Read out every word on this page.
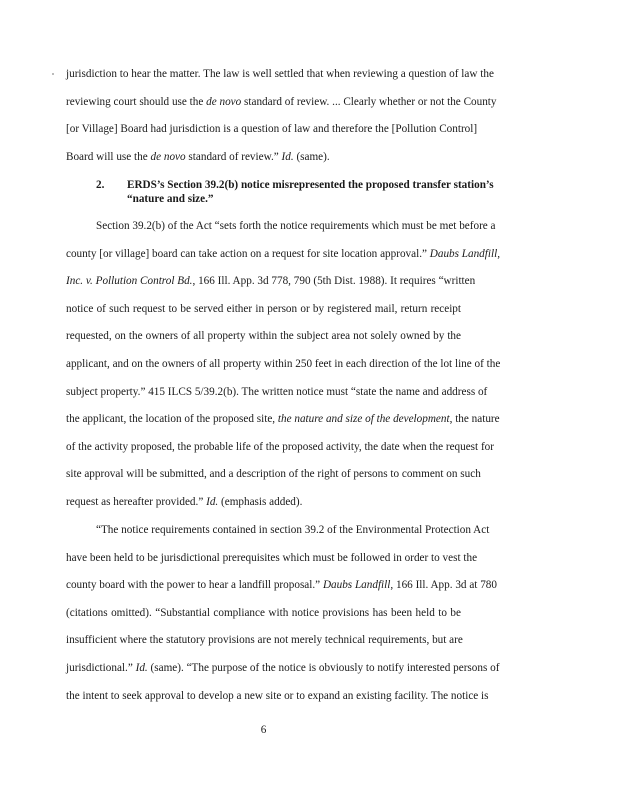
2. ERDS’s Section 39.2(b) notice misrepresented the proposed transfer station’s
“nature and size.”
6
jurisdiction to hear the matter. The law is well settled that when reviewing a question of law the
reviewing court should use the de novo standard of review. ... Clearly whether or not the County
[or Village] Board had jurisdiction is a question of law and therefore the [Pollution Control]
Board will use the de novo standard of review.” Id. (same).
Section 39.2(b) of the Act “sets forth the notice requirements which must be met before a
county [or village] board can take action on a request for site location approval.” Daubs Landfill,
Inc. v. Pollution Control Bd., 166 Ill. App. 3d 778, 790 (5th Dist. 1988). It requires “written
notice of such request to be served either in person or by registered mail, return receipt
requested, on the owners of all property within the subject area not solely owned by the
applicant, and on the owners of all property within 250 feet in each direction of the lot line of the
subject property.” 415 ILCS 5/39.2(b). The written notice must “state the name and address of
the applicant, the location of the proposed site, the nature and size of the development, the nature
of the activity proposed, the probable life of the proposed activity, the date when the request for
site approval will be submitted, and a description of the right of persons to comment on such
request as hereafter provided.” Id. (emphasis added).
“The notice requirements contained in section 39.2 of the Environmental Protection Act
have been held to be jurisdictional prerequisites which must be followed in order to vest the
county board with the power to hear a landfill proposal.” Daubs Landfill, 166 Ill. App. 3d at 780
(citations omitted). “Substantial compliance with notice provisions has been held to be
insufficient where the statutory provisions are not merely technical requirements, but are
jurisdictional.” Id. (same). “The purpose of the notice is obviously to notify interested persons of
the intent to seek approval to develop a new site or to expand an existing facility. The notice is
